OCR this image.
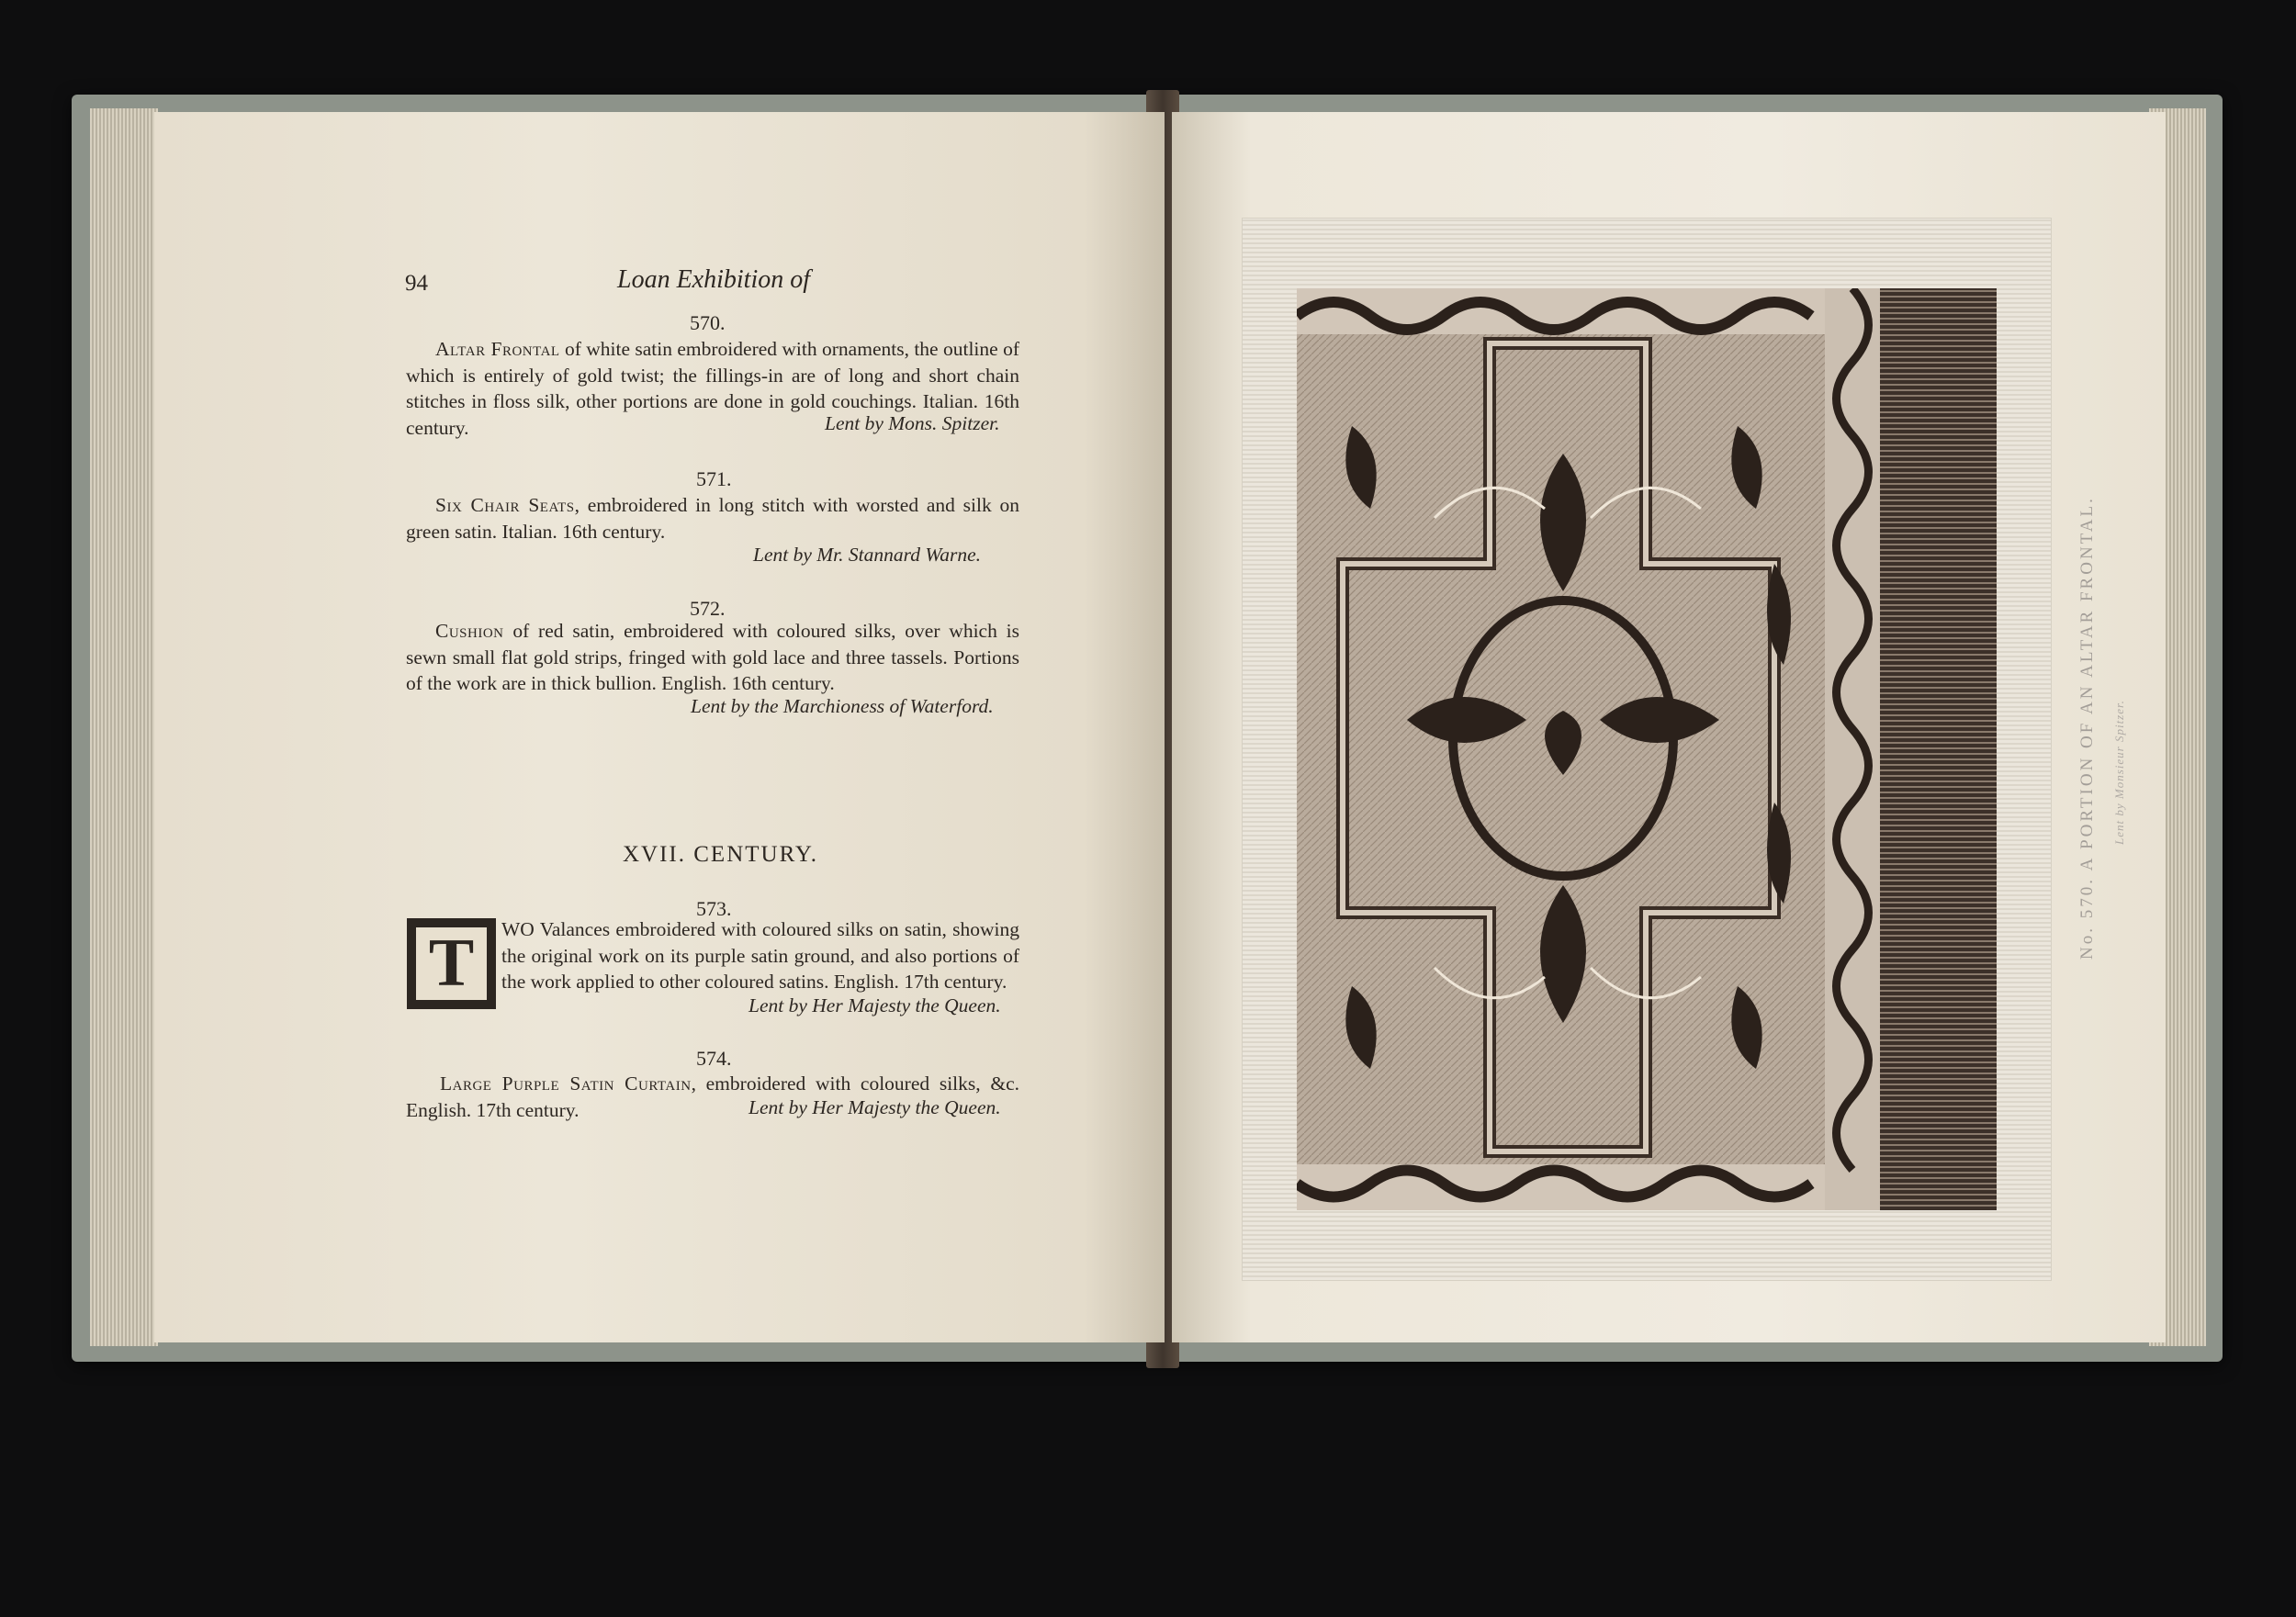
94	Loan Exhibition of
570.
Altar Frontal of white satin embroidered with ornaments, the outline of which is entirely of gold twist; the fillings-in are of long and short chain stitches in floss silk, other portions are done in gold couchings. Italian. 16th century.	Lent by Mons. Spitzer.
571.
Six Chair Seats, embroidered in long stitch with worsted and silk on green satin. Italian. 16th century.
Lent by Mr. Stannard Warne.
572.
Cushion of red satin, embroidered with coloured silks, over which is sewn small flat gold strips, fringed with gold lace and three tassels. Portions of the work are in thick bullion. English. 16th century.
Lent by the Marchioness of Waterford.
XVII. CENTURY.
573.
T	WO Valances embroidered with coloured silks on satin, showing the original work on its purple satin ground, and also portions of the work applied to other coloured satins. English. 17th century.
Lent by Her Majesty the Queen.
574.
Large Purple Satin Curtain, embroidered with coloured silks, &c. English. 17th century.	Lent by Her Majesty the Queen.
No. 570. A PORTION OF AN ALTAR FRONTAL. Lent by Monsieur Spitzer.
